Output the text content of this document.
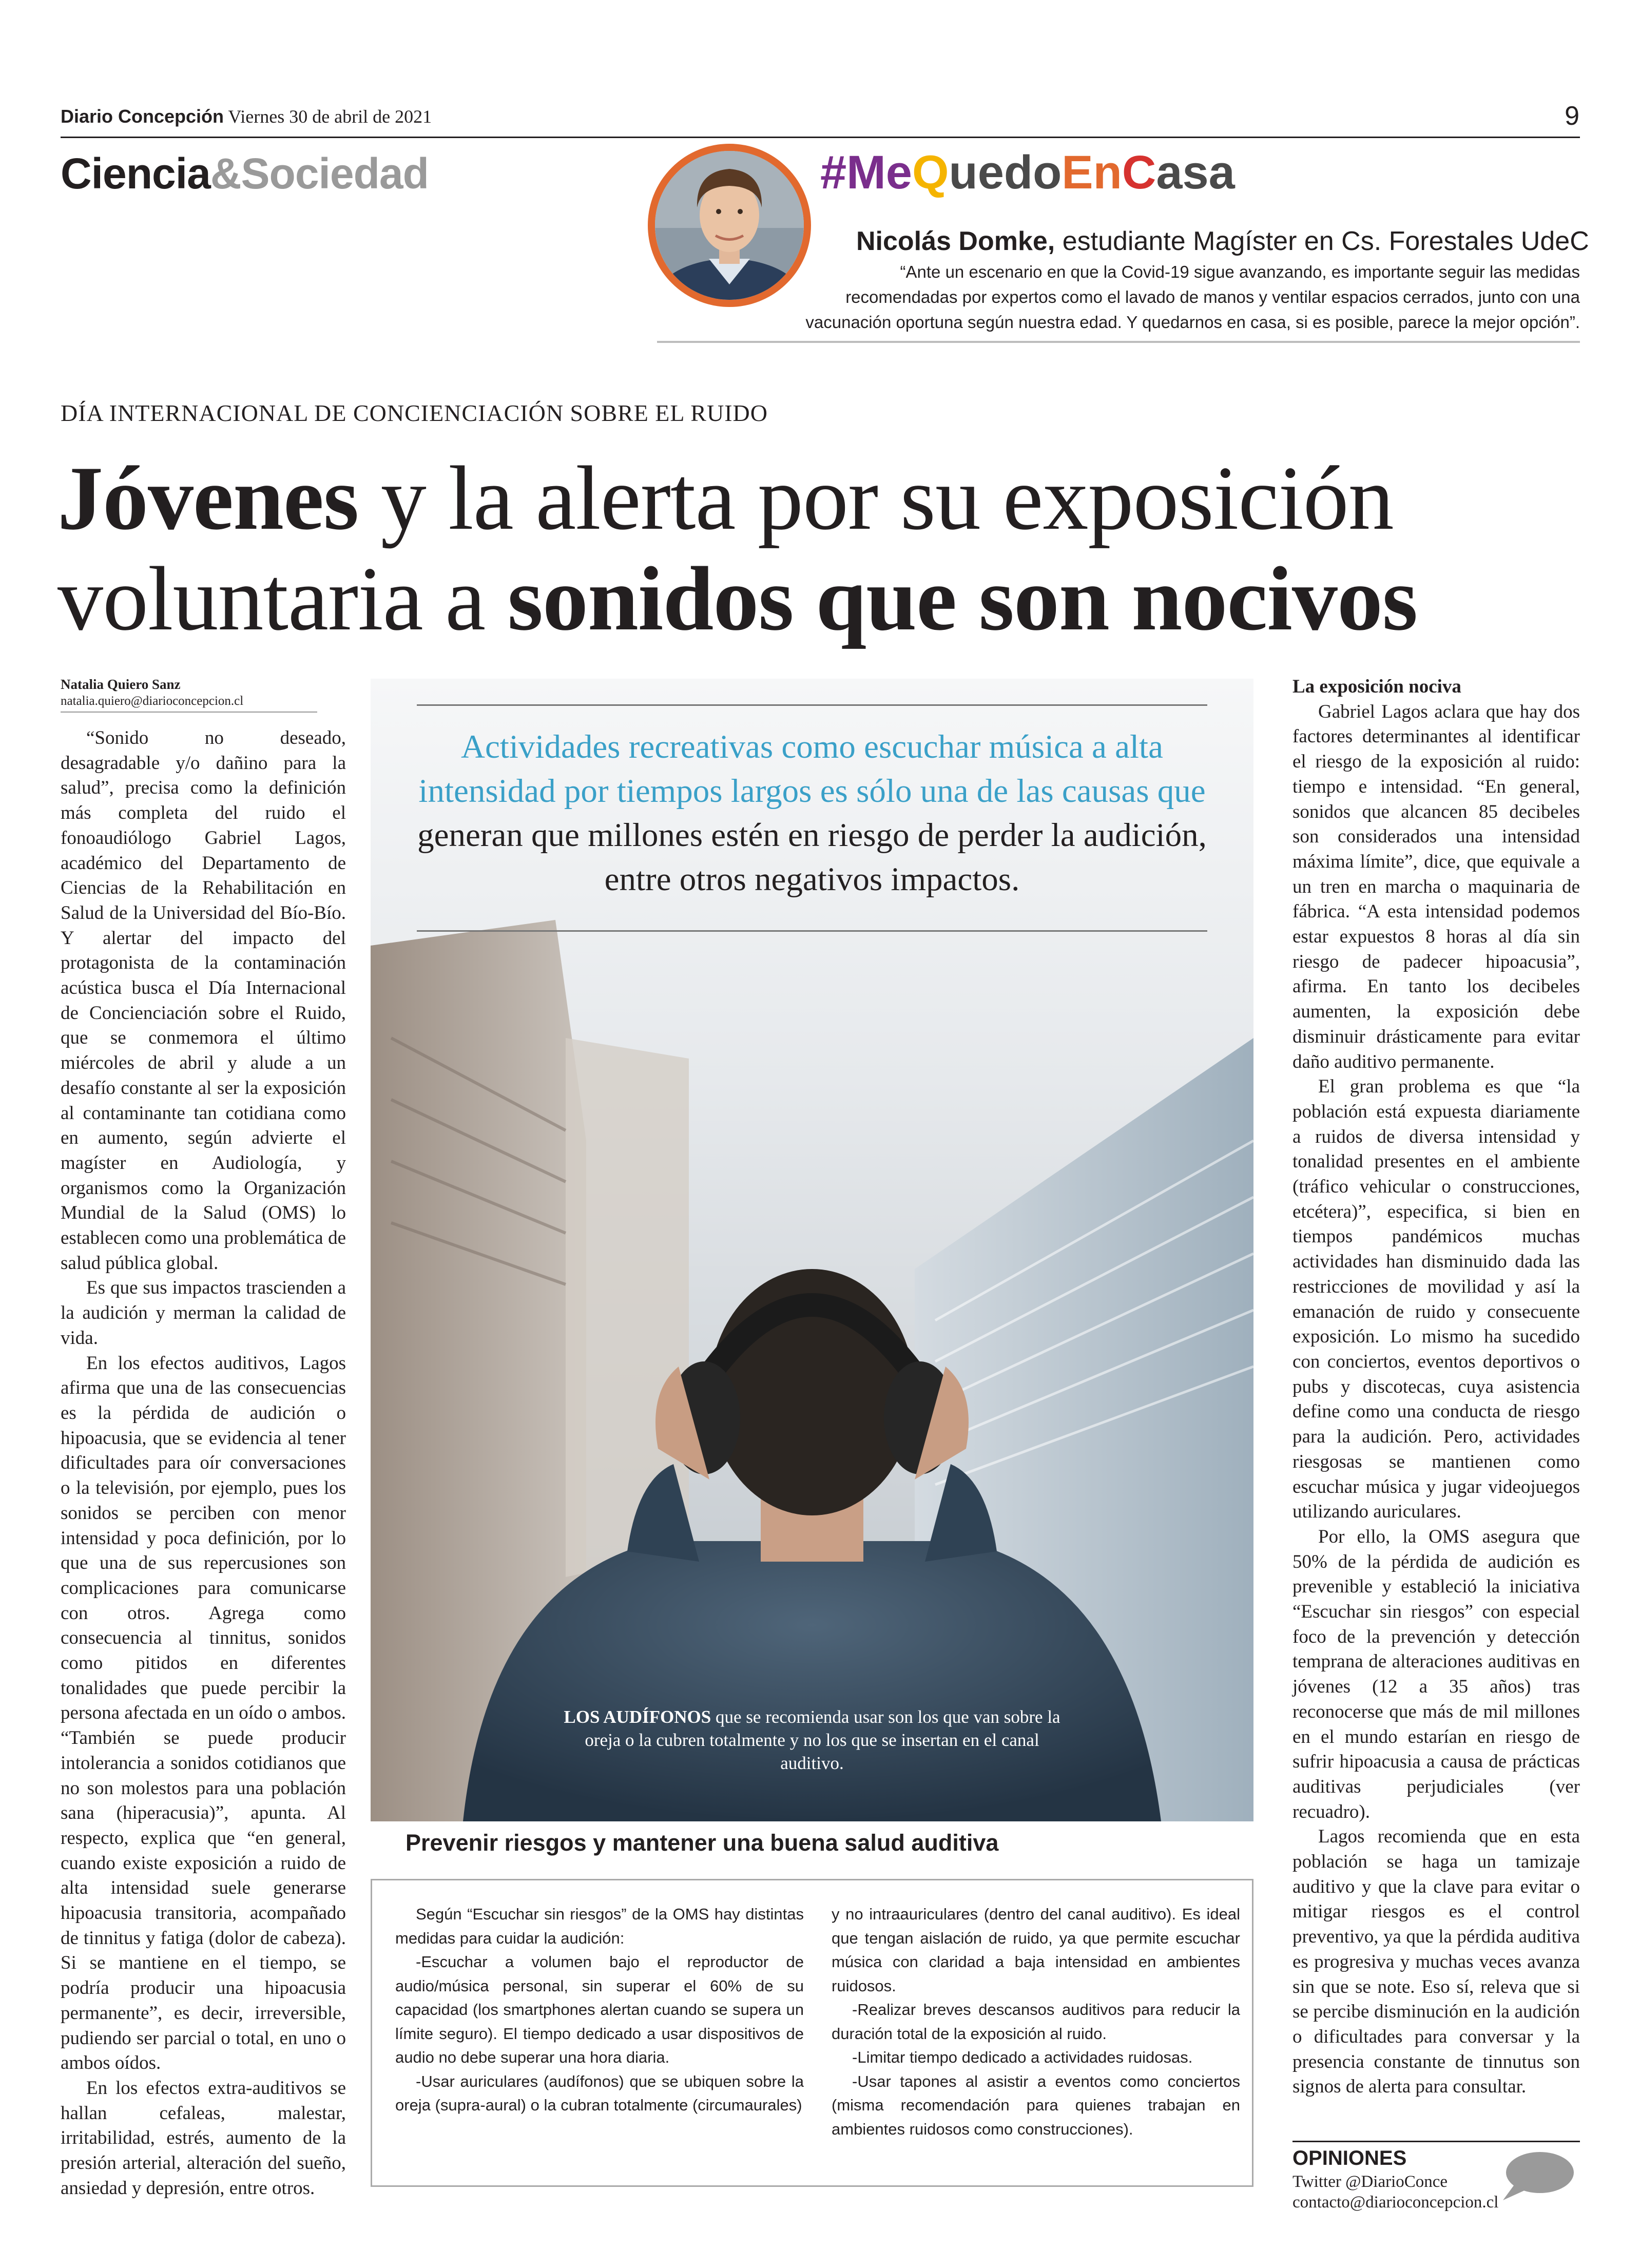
Diario Concepción Viernes 30 de abril de 2021	9
Ciencia&Sociedad	#MeQuedoEnCasa
Nicolás Domke, estudiante Magíster en Cs. Forestales UdeC
“Ante un escenario en que la Covid-19 sigue avanzando, es importante seguir las medidas recomendadas por expertos como el lavado de manos y ventilar espacios cerrados, junto con una vacunación oportuna según nuestra edad. Y quedarnos en casa, si es posible, parece la mejor opción”.
DÍA INTERNACIONAL DE CONCIENCIACIÓN SOBRE EL RUIDO
Jóvenes y la alerta por su exposición
voluntaria a sonidos que son nocivos
Natalia Quiero Sanz
natalia.quiero@diarioconcepcion.cl

“Sonido no deseado, desagradable y/o dañino para la salud”, precisa como la definición más completa del ruido el fonoaudiólogo Gabriel Lagos, académico del Departamento de Ciencias de la Rehabilitación en Salud de la Universidad del Bío-Bío. Y alertar del impacto del protagonista de la contaminación acústica busca el Día Internacional de Concienciación sobre el Ruido, que se conmemora el último miércoles de abril y alude a un desafío constante al ser la exposición al contaminante tan cotidiana como en aumento, según advierte el magíster en Audiología, y organismos como la Organización Mundial de la Salud (OMS) lo establecen como una problemática de salud pública global.

Es que sus impactos trascienden a la audición y merman la calidad de vida.

En los efectos auditivos, Lagos afirma que una de las consecuencias es la pérdida de audición o hipoacusia, que se evidencia al tener dificultades para oír conversaciones o la televisión, por ejemplo, pues los sonidos se perciben con menor intensidad y poca definición, por lo que una de sus repercusiones son complicaciones para comunicarse con otros. Agrega como consecuencia al tinnitus, sonidos como pitidos en diferentes tonalidades que puede percibir la persona afectada en un oído o ambos. “También se puede producir intolerancia a sonidos cotidianos que no son molestos para una población sana (hiperacusia)”, apunta. Al respecto, explica que “en general, cuando existe exposición a ruido de alta intensidad suele generarse hipoacusia transitoria, acompañado de tinnitus y fatiga (dolor de cabeza). Si se mantiene en el tiempo, se podría producir una hipoacusia permanente”, es decir, irreversible, pudiendo ser parcial o total, en uno o ambos oídos.

En los efectos extra-auditivos se hallan cefaleas, malestar, irritabilidad, estrés, aumento de la presión arterial, alteración del sueño, ansiedad y depresión, entre otros.

Actividades recreativas como escuchar música a alta intensidad por tiempos largos es sólo una de las causas que generan que millones estén en riesgo de perder la audición, entre otros negativos impactos.
LOS AUDÍFONOS que se recomienda usar son los que van sobre la oreja o la cubren totalmente y no los que se insertan en el canal auditivo.
Prevenir riesgos y mantener una buena salud auditiva

Según “Escuchar sin riesgos” de la OMS hay distintas medidas para cuidar la audición:

-Escuchar a volumen bajo el reproductor de audio/música personal, sin superar el 60% de su capacidad (los smartphones alertan cuando se supera un límite seguro). El tiempo dedicado a usar dispositivos de audio no debe superar una hora diaria.

-Usar auriculares (audífonos) que se ubiquen sobre la oreja (supra-aural) o la cubran totalmente (circumaurales)

y no intraauriculares (dentro del canal auditivo). Es ideal que tengan aislación de ruido, ya que permite escuchar música con claridad a baja intensidad en ambientes ruidosos.

-Realizar breves descansos auditivos para reducir la duración total de la exposición al ruido.

-Limitar tiempo dedicado a actividades ruidosas.

-Usar tapones al asistir a eventos como conciertos (misma recomendación para quienes trabajan en ambientes ruidosos como construcciones).

La exposición nociva

Gabriel Lagos aclara que hay dos factores determinantes al identificar el riesgo de la exposición al ruido: tiempo e intensidad. “En general, sonidos que alcancen 85 decibeles son considerados una intensidad máxima límite”, dice, que equivale a un tren en marcha o maquinaria de fábrica. “A esta intensidad podemos estar expuestos 8 horas al día sin riesgo de padecer hipoacusia”, afirma. En tanto los decibeles aumenten, la exposición debe disminuir drásticamente para evitar daño auditivo permanente.

El gran problema es que “la población está expuesta diariamente a ruidos de diversa intensidad y tonalidad presentes en el ambiente (tráfico vehicular o construcciones, etcétera)”, especifica, si bien en tiempos pandémicos muchas actividades han disminuido dada las restricciones de movilidad y así la emanación de ruido y consecuente exposición. Lo mismo ha sucedido con conciertos, eventos deportivos o pubs y discotecas, cuya asistencia define como una conducta de riesgo para la audición. Pero, actividades riesgosas se mantienen como escuchar música y jugar videojuegos utilizando auriculares.

Por ello, la OMS asegura que 50% de la pérdida de audición es prevenible y estableció la iniciativa “Escuchar sin riesgos” con especial foco de la prevención y detección temprana de alteraciones auditivas en jóvenes (12 a 35 años) tras reconocerse que más de mil millones en el mundo estarían en riesgo de sufrir hipoacusia a causa de prácticas auditivas perjudiciales (ver recuadro).

Lagos recomienda que en esta población se haga un tamizaje auditivo y que la clave para evitar o mitigar riesgos es el control preventivo, ya que la pérdida auditiva es progresiva y muchas veces avanza sin que se note. Eso sí, releva que si se percibe disminución en la audición o dificultades para conversar y la presencia constante de tinnutus son signos de alerta para consultar.

OPINIONES
Twitter @DiarioConce
contacto@diarioconcepcion.cl
